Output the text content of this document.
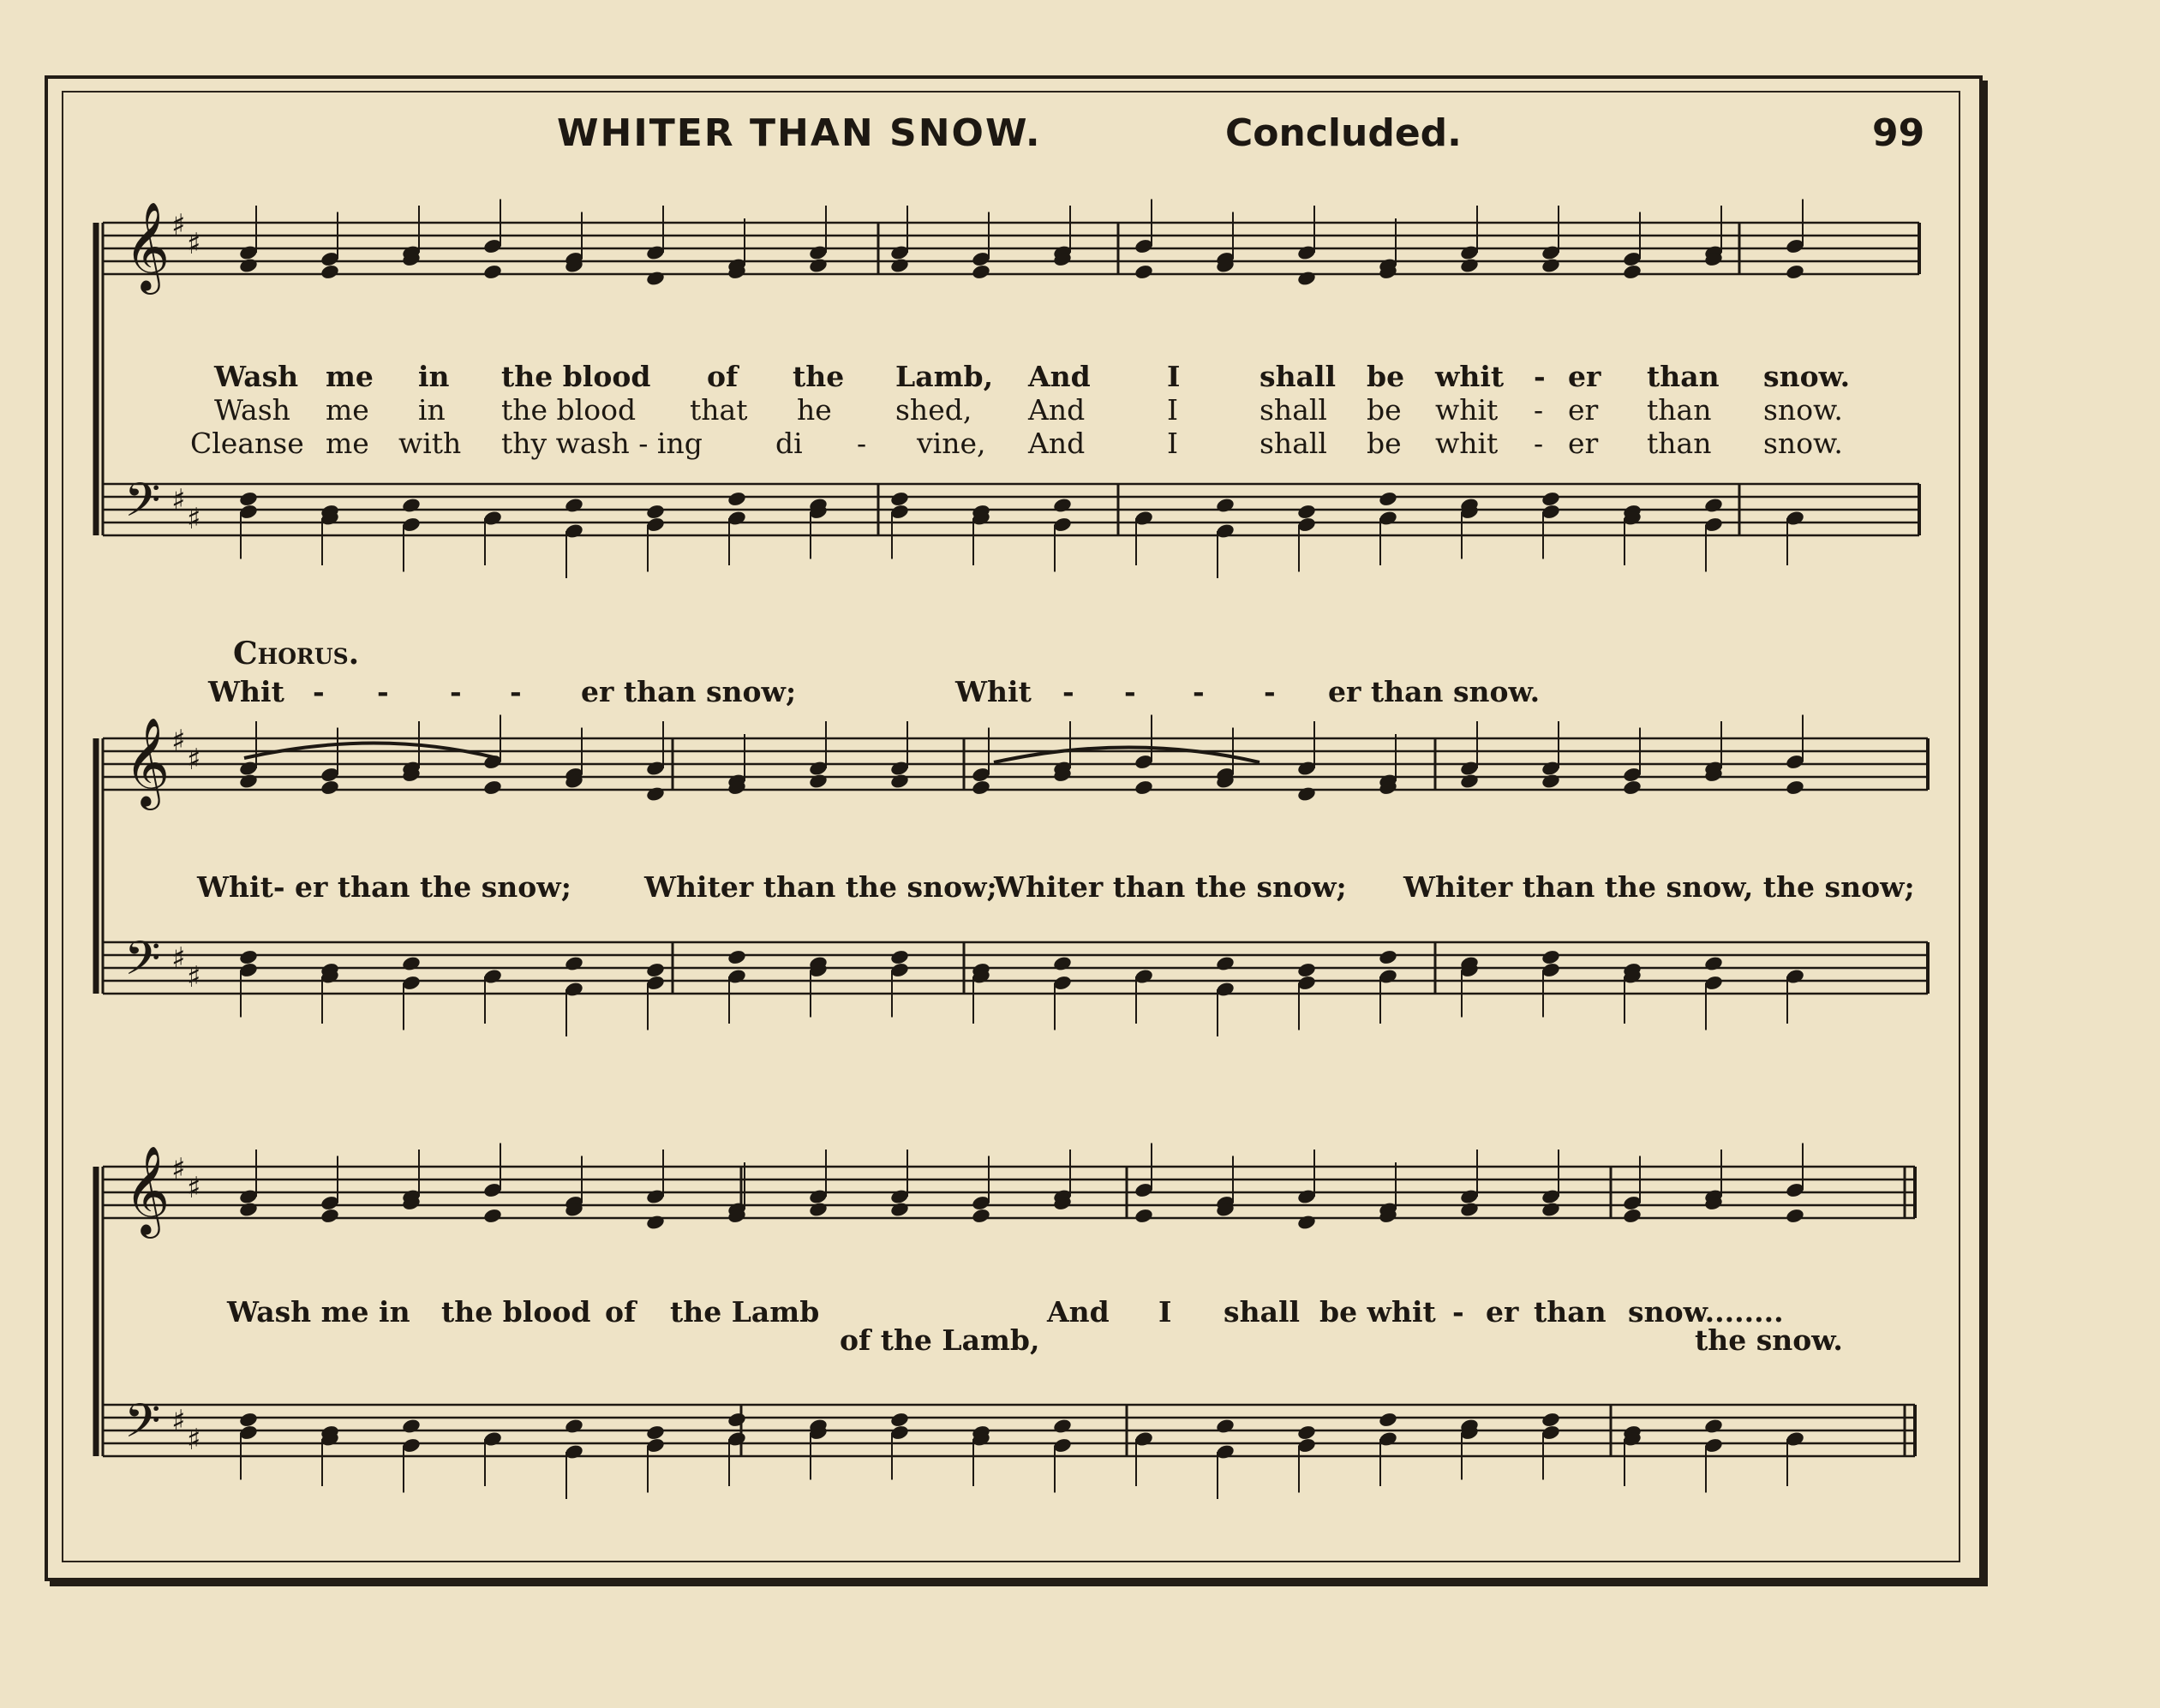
WHITER THAN SNOW.	Concluded.	99
𝄞 ♯
♯
𝄢 ♯
♯
𝄞 ♯
♯
𝄢 ♯
♯
𝄞 ♯
♯
𝄢 ♯
♯
Wash me in the blood of the Lamb, And	I	shall be whit - er than snow.
Wash me in the blood that he shed, And	I	shall be whit - er than snow.
Cleanse me with thy wash - ing	di - vine, And	I	shall be whit - er than snow.
Chorus.
Whit - - - - er than snow;	Whit - - - - er than snow.
Whit- er than the snow;	Whiter than the snow;
Whiter than the snow; Whiter than the snow, the snow;
Wash me in the blood of the Lamb	And I shall be whit - er than snow........
of the Lamb,	the snow.
